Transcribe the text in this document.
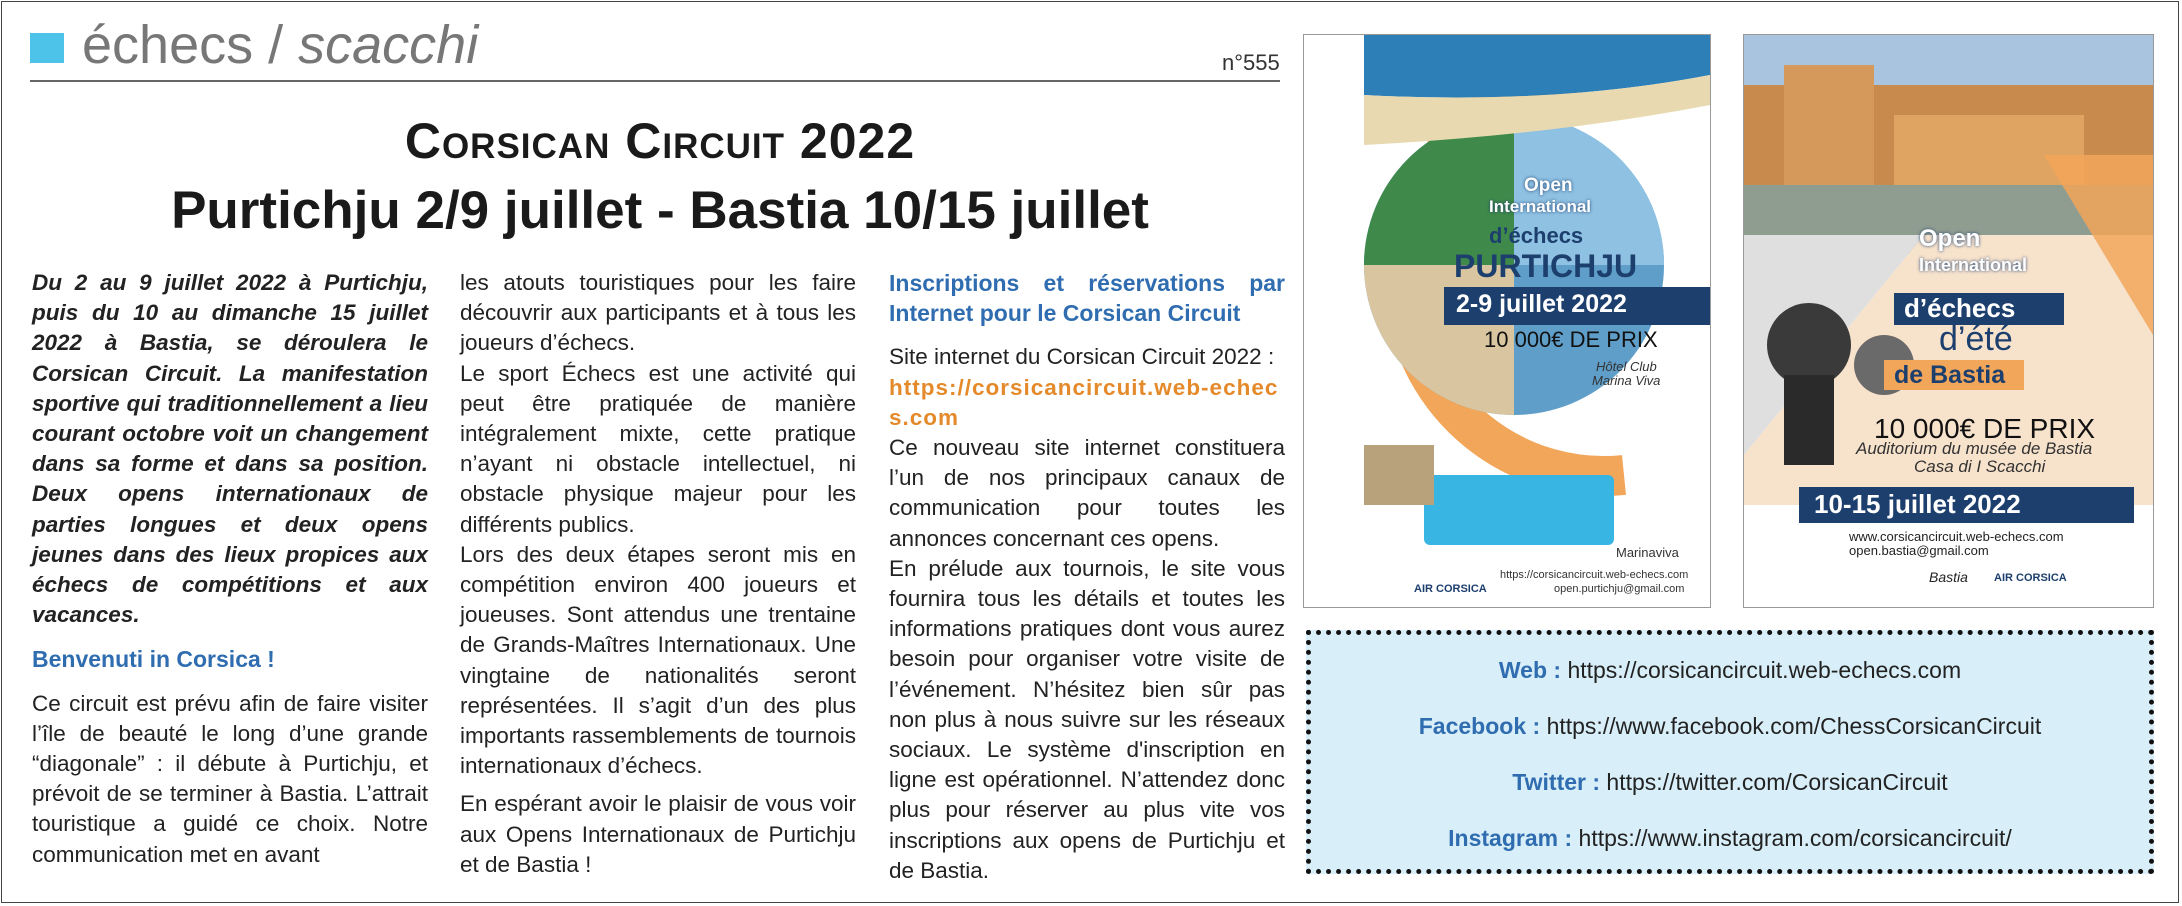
échecs / scacchi	n°555
Corsican Circuit 2022
Purtichju 2/9 juillet - Bastia 10/15 juillet

Du 2 au 9 juillet 2022 à Purtichju, puis du 10 au dimanche 15 juillet 2022 à Bastia, se déroulera le Corsican Circuit. La manifestation sportive qui traditionnellement a lieu courant octobre voit un changement dans sa forme et dans sa position. Deux opens internationaux de parties longues et deux opens jeunes dans des lieux propices aux échecs de compétitions et aux vacances.

Benvenuti in Corsica !

Ce circuit est prévu afin de faire visiter l’île de beauté le long d’une grande “diagonale” : il débute à Purtichju, et prévoit de se terminer à Bastia. L’attrait touristique a guidé ce choix. Notre communication met en avant

les atouts touristiques pour les faire découvrir aux participants et à tous les joueurs d’échecs.

Le sport Échecs est une activité qui peut être pratiquée de manière intégralement mixte, cette pratique n’ayant ni obstacle intellectuel, ni obstacle physique majeur pour les différents publics.

Lors des deux étapes seront mis en compétition environ 400 joueurs et joueuses. Sont attendus une trentaine de Grands-Maîtres Internationaux. Une vingtaine de nationalités seront représentées. Il s’agit d’un des plus importants rassemblements de tournois internationaux d’échecs.

En espérant avoir le plaisir de vous voir aux Opens Internationaux de Purtichju et de Bastia !

Inscriptions et réservations par Internet pour le Corsican Circuit

Site internet du Corsican Circuit 2022 :

https://corsicancircuit.web-echecs.com

Ce nouveau site internet constituera l’un de nos principaux canaux de communication pour toutes les annonces concernant ces opens.

En prélude aux tournois, le site vous fournira tous les détails et toutes les informations pratiques dont vous aurez besoin pour organiser votre visite de l’événement. N’hésitez bien sûr pas non plus à nous suivre sur les réseaux sociaux. Le système d'inscription en ligne est opérationnel. N’attendez donc plus pour réserver au plus vite vos inscriptions aux opens de Purtichju et de Bastia.

Open
International
d’échecs
PURTICHJU
2-9 juillet 2022
10 000€ DE PRIX
Hôtel Club
Marina Viva
Marinaviva
https://corsicancircuit.web-echecs.com
open.purtichju@gmail.com
AIR CORSICA
Open
International
d’échecs
d’été
de Bastia
10 000€ DE PRIX
Auditorium du musée de Bastia
Casa di I Scacchi
10-15 juillet 2022
www.corsicancircuit.web-echecs.com
open.bastia@gmail.com
Bastia AIR CORSICA
Web : https://corsicancircuit.web-echecs.com
Facebook : https://www.facebook.com/ChessCorsicanCircuit
Twitter : https://twitter.com/CorsicanCircuit
Instagram : https://www.instagram.com/corsicancircuit/
